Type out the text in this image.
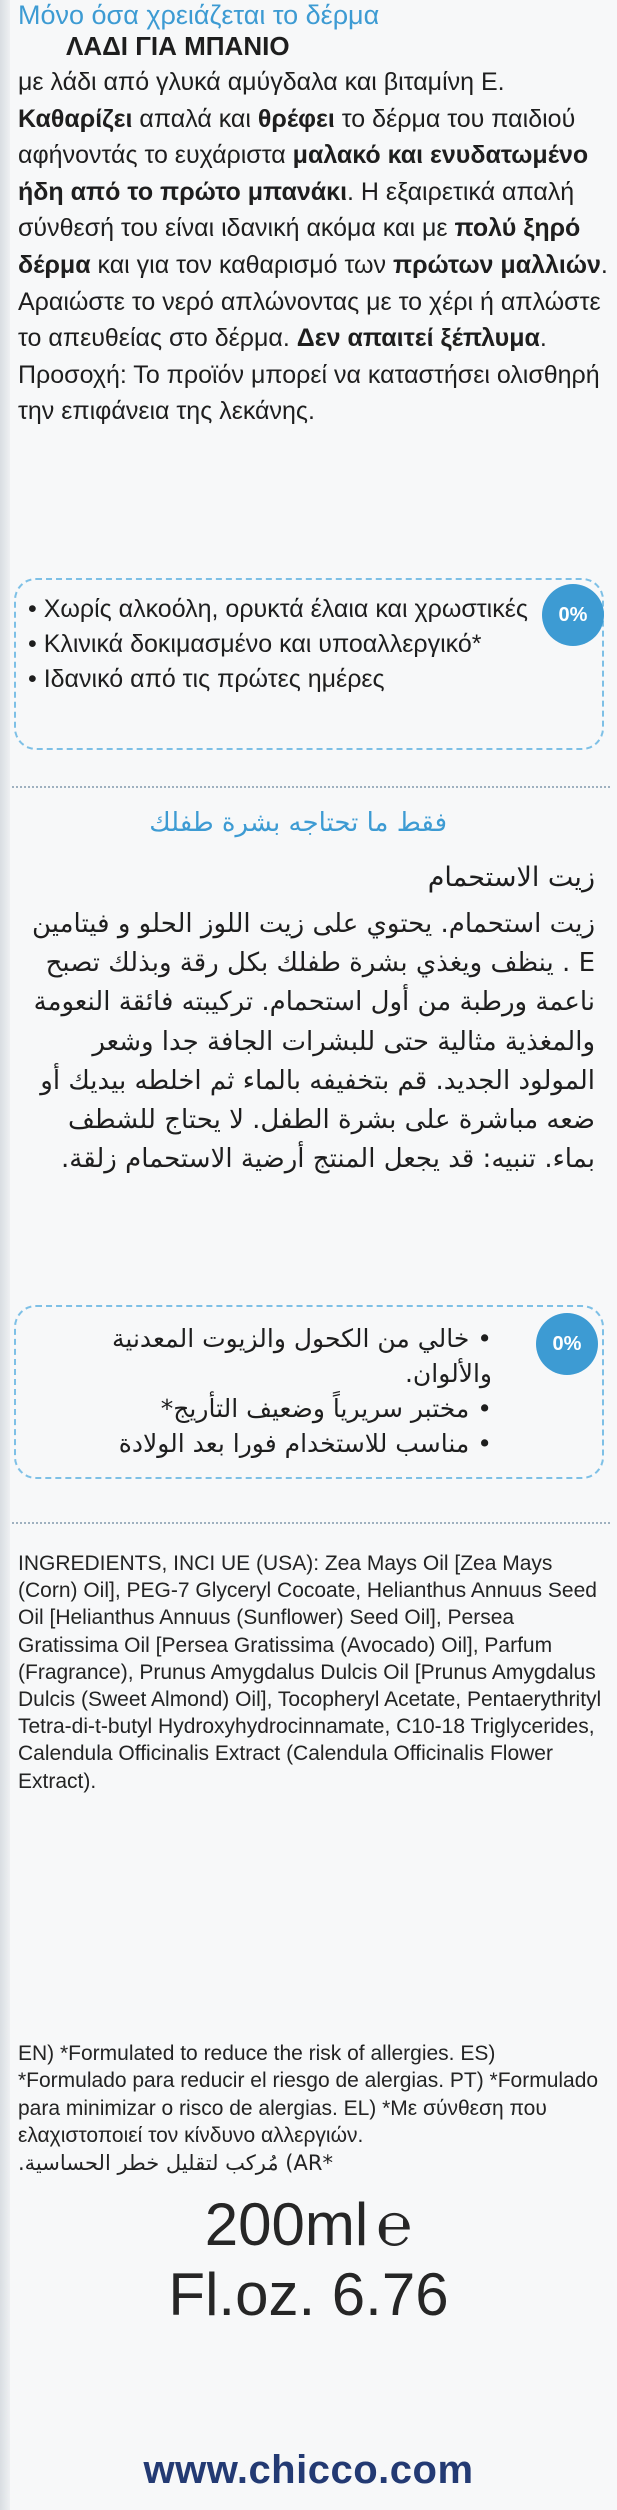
Μόνο όσα χρειάζεται το δέρμα
ΛΑΔΙ ΓΙΑ ΜΠΑΝΙΟ
με λάδι από γλυκά αμύγδαλα και βιταμίνη Ε.
Καθαρίζει απαλά και θρέφει το δέρμα του παιδιού αφήνοντάς το ευχάριστα μαλακό και ενυδατωμένο ήδη από το πρώτο μπανάκι. Η εξαιρετικά απαλή σύνθεσή του είναι ιδανική ακόμα και με πολύ ξηρό δέρμα και για τον καθαρισμό των πρώτων μαλλιών. Αραιώστε το νερό απλώνοντας με το χέρι ή απλώστε το απευθείας στο δέρμα. Δεν απαιτεί ξέπλυμα. Προσοχή: Το προϊόν μπορεί να καταστήσει ολισθηρή την επιφάνεια της λεκάνης.
• Χωρίς αλκοόλη, ορυκτά έλαια και χρωστικές
• Κλινικά δοκιμασμένο και υποαλλεργικό*
• Ιδανικό από τις πρώτες ημέρες
0%
فقط ما تحتاجه بشرة طفلك
زيت الاستحمام
زيت استحمام. يحتوي على زيت اللوز الحلو و فيتامين E . ينظف ويغذي بشرة طفلك بكل رقة وبذلك تصبح ناعمة ورطبة من أول استحمام. تركيبته فائقة النعومة والمغذية مثالية حتى للبشرات الجافة جدا وشعر المولود الجديد. قم بتخفيفه بالماء ثم اخلطه بيديك أو ضعه مباشرة على بشرة الطفل. لا يحتاج للشطف بماء. تنبيه: قد يجعل المنتج أرضية الاستحمام زلقة.
• خالي من الكحول والزيوت المعدنية والألوان.
• مختبر سريرياً وضعيف التأريج*
• مناسب للاستخدام فورا بعد الولادة
0%
INGREDIENTS, INCI UE (USA): Zea Mays Oil [Zea Mays (Corn) Oil], PEG-7 Glyceryl Cocoate, Helianthus Annuus Seed Oil [Helianthus Annuus (Sunflower) Seed Oil], Persea Gratissima Oil [Persea Gratissima (Avocado) Oil], Parfum (Fragrance), Prunus Amygdalus Dulcis Oil [Prunus Amygdalus Dulcis (Sweet Almond) Oil], Tocopheryl Acetate, Pentaerythrityl Tetra-di-t-butyl Hydroxyhydrocinnamate, C10-18 Triglycerides, Calendula Officinalis Extract (Calendula Officinalis Flower Extract).
EN) *Formulated to reduce the risk of allergies. ES) *Formulado para reducir el riesgo de alergias. PT) *Formulado para minimizar o risco de alergias. EL) *Με σύνθεση που ελαχιστοποιεί τον κίνδυνο αλλεργιών.
*AR) مُركب لتقليل خطر الحساسية.
200ml ℮
Fl.oz. 6.76
www.chicco.com
